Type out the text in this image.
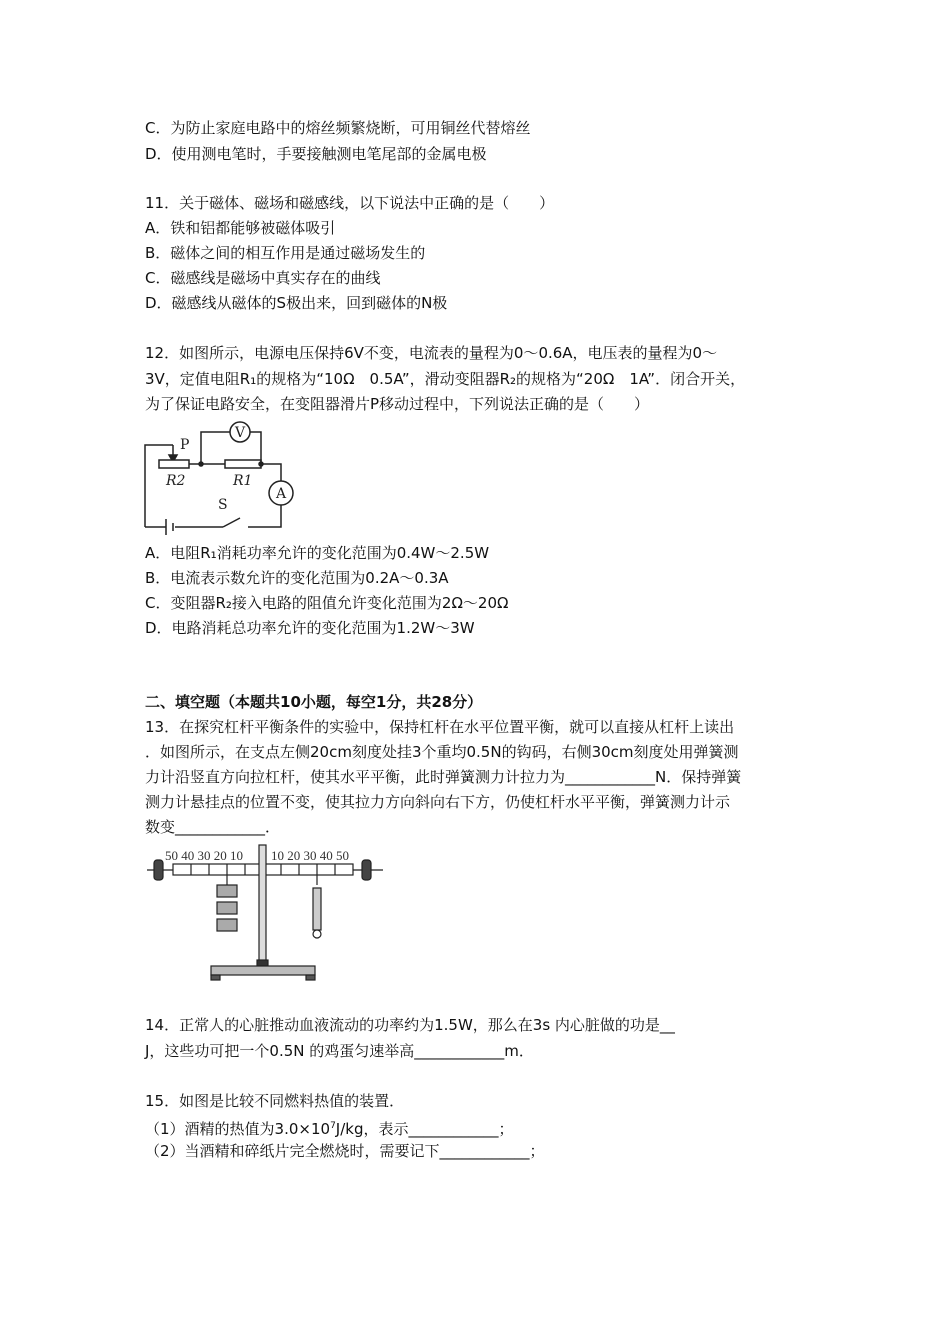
C．为防止家庭电路中的熔丝频繁烧断，可用铜丝代替熔丝
D．使用测电笔时，手要接触测电笔尾部的金属电极
11．关于磁体、磁场和磁感线，以下说法中正确的是（　　）
A．铁和铝都能够被磁体吸引
B．磁体之间的相互作用是通过磁场发生的
C．磁感线是磁场中真实存在的曲线
D．磁感线从磁体的S极出来，回到磁体的N极
12．如图所示，电源电压保持6V不变，电流表的量程为0～0.6A，电压表的量程为0～
3V，定值电阻R₁的规格为“10Ω　0.5A”，滑动变阻器R₂的规格为“20Ω　1A”．闭合开关，
为了保证电路安全，在变阻器滑片P移动过程中，下列说法正确的是（　　）
V
A
P
S
R2	R1
A．电阻R₁消耗功率允许的变化范围为0.4W～2.5W
B．电流表示数允许的变化范围为0.2A～0.3A
C．变阻器R₂接入电路的阻值允许变化范围为2Ω～20Ω
D．电路消耗总功率允许的变化范围为1.2W～3W
二、填空题（本题共10小题，每空1分，共28分）
13．在探究杠杆平衡条件的实验中，保持杠杆在水平位置平衡，就可以直接从杠杆上读出
．如图所示，在支点左侧20cm刻度处挂3个重均0.5N的钩码，右侧30cm刻度处用弹簧测
力计沿竖直方向拉杠杆，使其水平平衡，此时弹簧测力计拉力为____________N．保持弹簧
测力计悬挂点的位置不变，使其拉力方向斜向右下方，仍使杠杆水平平衡，弹簧测力计示
数变____________．
50 40 30 20 10 10 20 30 40 50
14．正常人的心脏推动血液流动的功率约为1.5W，那么在3s 内心脏做的功是__
J，这些功可把一个0.5N 的鸡蛋匀速举高____________m．
15．如图是比较不同燃料热值的装置．
（1）酒精的热值为$3.0\times 10^7J/kg$，表示____________；
（2）当酒精和碎纸片完全燃烧时，需要记下____________；
